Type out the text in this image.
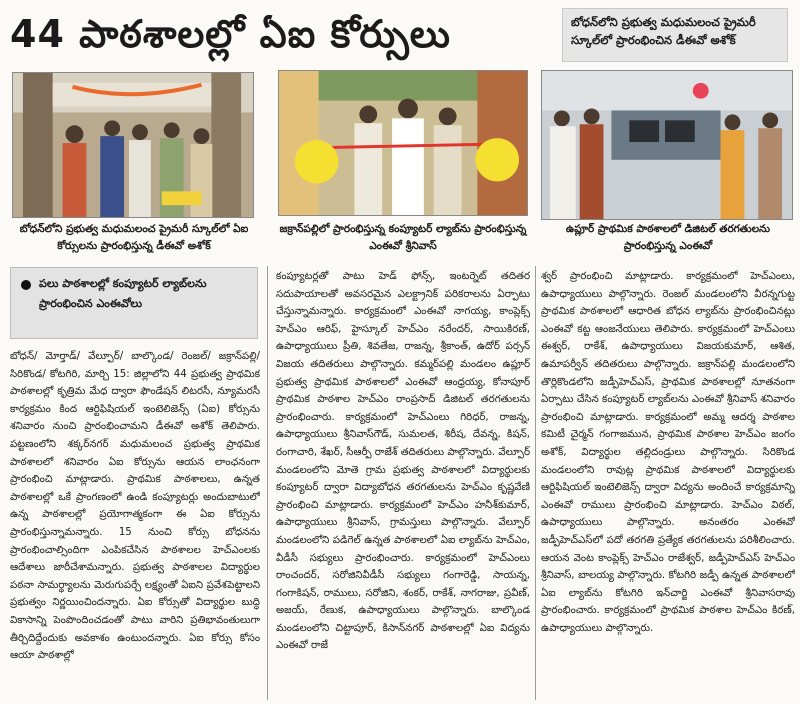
44 పాఠశాలల్లో ఏఐ కోర్సులు	బోధన్‌లోని ప్రభుత్వ మధుమలంచ ప్రైమరీ స్కూల్‌లో ప్రారంభించిన డీఈవో అశోక్
బోధన్‌లోని ప్రభుత్వ మధుమలంచ ప్రైమరీ స్కూల్‌లో ఏఐ కోర్సులను ప్రారంభిస్తున్న డీఈవో అశోక్
జక్రాన్‌పల్లిలో ప్రారంభిస్తున్న కంప్యూటర్ ల్యాబ్‌ను ప్రారంభిస్తున్న ఎంఈవో శ్రీనివాస్
ఉప్లూర్ ప్రాథమిక పాఠశాలలో డిజిటల్ తరగతులను ప్రారంభిస్తున్న ఎంఈవో
పలు పాఠశాలల్లో కంప్యూటర్ ల్యాబ్‌లను ప్రారంభించిన ఎంఈవోలు
బోధన్/ మోర్తాడ్/ వేల్పూర్/ బాల్కొండ/ రెంజల్/ జక్రాన్‌పల్లి/ సిరికొండ/ కోటగిరి, మార్చి 15: జిల్లాలోని 44 ప్రభుత్వ ప్రాథమిక పాఠశాలల్లో కృత్రిమ మేధ ద్వారా ఫౌండేషన్ లిటరసీ, న్యూమరసీ కార్యక్రమం కింద ఆర్టిఫిషియల్ ఇంటెలిజెన్స్ (ఏఐ) కోర్సును శనివారం నుంచి ప్రారంభించామని డీఈవో అశోక్ తెలిపారు. పట్టణంలోని శక్కర్‌నగర్ మధుమలంచ ప్రభుత్వ ప్రాథమిక పాఠశాలలో శనివారం ఏఐ కోర్సును ఆయన లాంఛనంగా ప్రారంభించి మాట్లాడారు. ప్రాథమిక పాఠశాలలు, ఉన్నత పాఠశాలల్లో ఒకే ప్రాంగణంలో ఉండి కంప్యూటర్లు అందుబాటులో ఉన్న పాఠశాలల్లో ప్రయోగాత్మకంగా ఈ ఏఐ కోర్సును ప్రారంభిస్తున్నామన్నారు. 15 నుంచి కోర్సు బోధనను ప్రారంభించాల్సిందిగా ఎంపికచేసిన పాఠశాలల హెచ్‌ఎంలకు ఆదేశాలు జారీచేశామన్నారు. ప్రభుత్వ పాఠశాలల విద్యార్థుల పఠనా సామర్థ్యాలను మెరుగుపర్చే లక్ష్యంతో ఏఐని ప్రవేశపెట్టాలని ప్రభుత్వం నిర్ణయించిందన్నారు. ఏఐ కోర్సుతో విద్యార్థుల బుద్ధి వికాసాన్ని పెంపొందించడంతో పాటు వారిని ప్రతిభావంతులుగా తీర్చిదిద్దేందుకు అవకాశం ఉంటుందన్నారు. ఏఐ కోర్సు కోసం ఆయా పాఠశాల్లో
కంప్యూటర్లతో పాటు హెడ్ ఫోన్స్, ఇంటర్నెట్ తదితర సదుపాయాలతో అవసరమైన ఎలక్ట్రానిక్ పరికరాలను ఏర్పాటు చేస్తున్నామన్నారు. కార్యక్రమంలో ఎంఈవో నాగయ్య, కాంప్లెక్స్ హెచ్‌ఎం ఆరిఫ్, హైస్కూల్ హెచ్‌ఎం నరేందర్, సాయికిరణ్, ఉపాధ్యాయులు ప్రీతి, శివతేజ, రాజన్న, శ్రీకాంత్, ఉదోర్ పర్సన్ విజయ తదితరులు పాల్గొన్నారు. కమ్మర్‌పల్లి మండలం ఉప్లూర్ ప్రభుత్వ ప్రాథమిక పాఠశాలలో ఎంఈవో ఆంధ్రయ్య, కోనాపూర్ ప్రాథమిక పాఠశాల హెచ్‌ఎం రాంప్రసాద్ డిజిటల్ తరగతులను ప్రారంభించారు. కార్యక్రమంలో హెచ్‌ఎంలు గిరిధర్, రాజన్న, ఉపాధ్యాయులు శ్రీనివాస్‌గౌడ్, సుమలత, శిరీష, దేవన్న, కిషన్, రంగాచారి, శేఖర్, సీఆర్పీ రాజేశ్ తదితరులు పాల్గొన్నారు. వేల్పూర్ మండలంలోని మోతె గ్రామ ప్రభుత్వ పాఠశాలలో విద్యార్థులకు కంప్యూటర్ ద్వారా విద్యాబోధన తరగతులను హెచ్‌ఎం కృష్ణవేణి ప్రారంభించి మాట్లాడారు. కార్యక్రమంలో హెచ్‌ఎం హనీశ్‌కుమార్, ఉపాధ్యాయులు శ్రీనివాస్, గ్రామస్తులు పాల్గొన్నారు. వేల్పూర్ మండలంలోని పడిగెల్ ఉన్నత పాఠశాలలో ఏఐ ల్యాబ్‌ను హెచ్‌ఎం, వీడీసీ సభ్యులు ప్రారంభించారు. కార్యక్రమంలో హెచ్‌ఎంలు రాంచందర్, సరోజినివీడీసీ సభ్యులు గంగారెడ్డి, సాయన్న, గంగాకిషన్, రాములు, సరోజిని, శంకర్, రాకేశ్, నాగరాజు, ప్రవీణ్, అజయ్, రేణుక, ఉపాధ్యాయులు పాల్గొన్నారు. బాల్కొండ మండలంలోని చిట్టాపూర్, కిసాన్‌నగర్ పాఠశాలల్లో ఏఐ విద్యను ఎంఈవో రాజే
శ్వర్ ప్రారంభించి మాట్లాడారు. కార్యక్రమంలో హెచ్‌ఎంలు, ఉపాధ్యాయులు పాల్గొన్నారు. రెంజల్ మండలంలోని వీరన్నగుట్ట ప్రాథమిక పాఠశాలలో ఆధారిత బోధన ల్యాబ్‌ను ప్రారంభించినట్లు ఎంఈవో కట్ట ఆంజనేయులు తెలిపారు. కార్యక్రమంలో హెచ్‌ఎంలు ఈశ్వర్, రాకేశ్, ఉపాధ్యాయులు విజయకుమార్, ఆశిత, ఉమాపర్వీన్ తదితరులు పాల్గొన్నారు. జక్రాన్‌పల్లి మండలంలోని తొర్లికొండలోని జడ్పీహెచ్‌ఎస్, ప్రాథమిక పాఠశాలల్లో నూతనంగా ఏర్పాటు చేసిన కంప్యూటర్ ల్యాబ్‌లను ఎంఈవో శ్రీనివాస్ శనివారం ప్రారంభించి మాట్లాడారు. కార్యక్రమంలో అమ్మ ఆదర్శ పాఠశాల కమిటీ చైర్మన్ గంగాజమున, ప్రాథమిక పాఠశాల హెచ్‌ఎం జంగం అశోక్, విద్యార్థుల తల్లిదండ్రులు పాల్గొన్నారు. సిరికొండ మండలంలోని రావుట్ల ప్రాథమిక పాఠశాలలో విద్యార్థులకు ఆర్టిఫిషియల్ ఇంటెలిజెన్స్ ద్వారా విద్యను అందించే కార్యక్రమాన్ని ఎంఈవో రాములు ప్రారంభించి మాట్లాడారు. హెచ్‌ఎం విఠల్, ఉపాధ్యాయులు పాల్గొన్నారు. అనంతరం ఎంఈవో జడ్పీహెచ్‌ఎస్‌లో పదో తరగతి ప్రత్యేక తరగతులను పరిశీలించారు. ఆయన వెంట కాంప్లెక్స్ హెచ్‌ఎం రాజేశ్వర్, జడ్పీహెచ్‌ఎస్ హెచ్‌ఎం శ్రీనివాస్, బాలయ్య పాల్గొన్నారు. కోటగిరి జడ్పీ ఉన్నత పాఠశాలలో ఏఐ ల్యాబ్‌ను కోటగిరి ఇన్‌చార్జి ఎంఈవో శ్రీనివాసరావు ప్రారంభించారు. కార్యక్రమంలో ప్రాథమిక పాఠశాల హెచ్‌ఎం కిరణ్, ఉపాధ్యాయులు పాల్గొన్నారు.
